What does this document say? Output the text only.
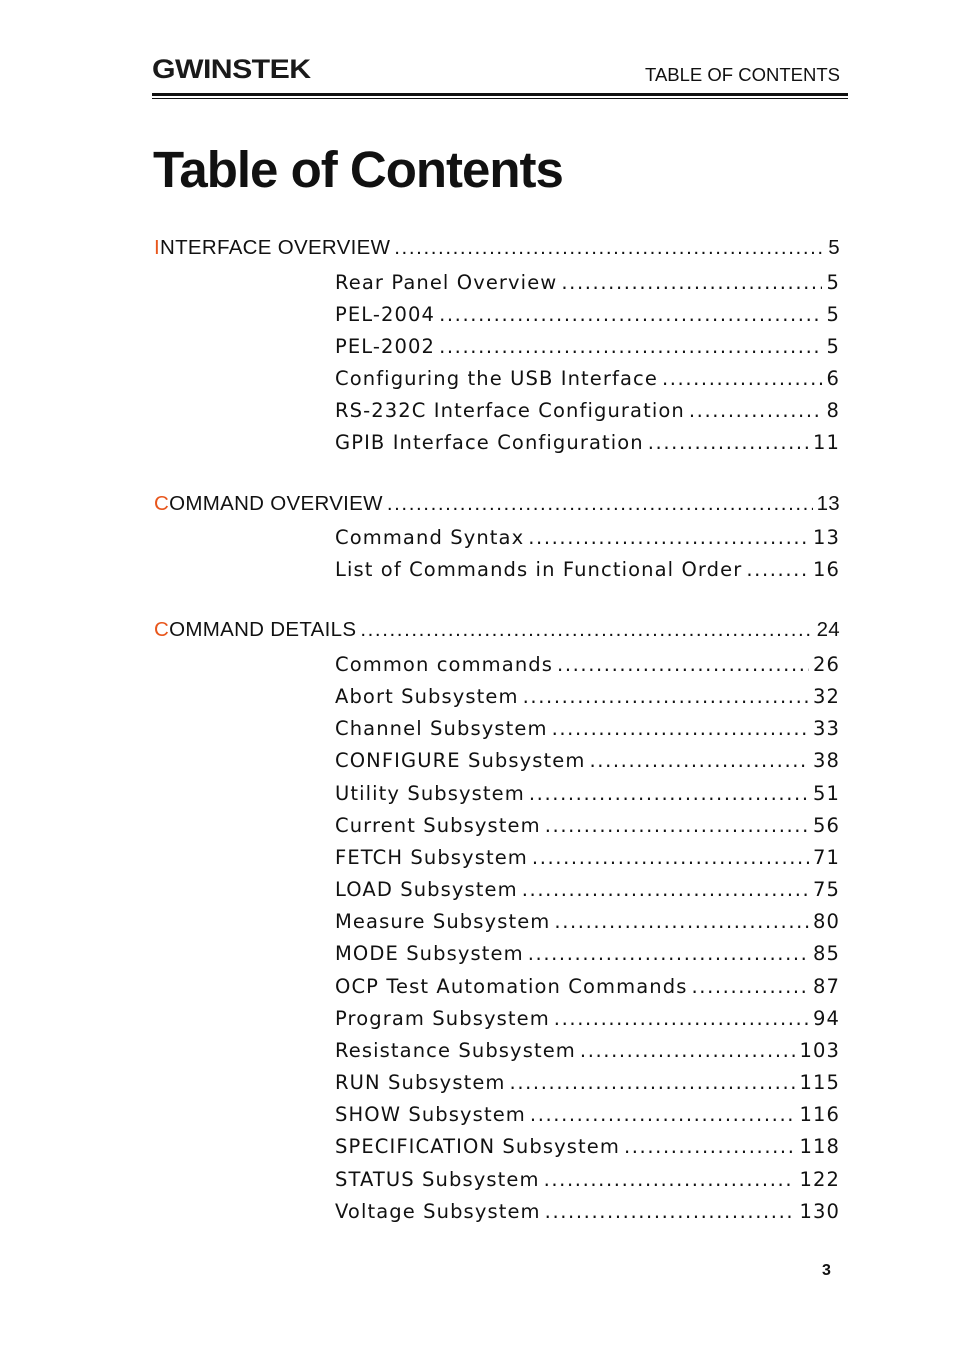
GWINSTEK	TABLE OF CONTENTS
Table of Contents
INTERFACE OVERVIEW .....	5
Rear Panel Overview .....	5
PEL-2004 .....	5
PEL-2002 .....	5
Configuring the USB Interface .....	6
RS-232C Interface Configuration .....	8
GPIB Interface Configuration .....	11
COMMAND OVERVIEW .....	13
Command Syntax .....	13
List of Commands in Functional Order .....	16
COMMAND DETAILS .....	24
Common commands .....	26
Abort Subsystem .....	32
Channel Subsystem .....	33
CONFIGURE Subsystem .....	38
Utility Subsystem .....	51
Current Subsystem .....	56
FETCH Subsystem .....	71
LOAD Subsystem .....	75
Measure Subsystem .....	80
MODE Subsystem .....	85
OCP Test Automation Commands .....	87
Program Subsystem .....	94
Resistance Subsystem .....	103
RUN Subsystem .....	115
SHOW Subsystem .....	116
SPECIFICATION Subsystem .....	118
STATUS Subsystem .....	122
Voltage Subsystem .....	130
3
